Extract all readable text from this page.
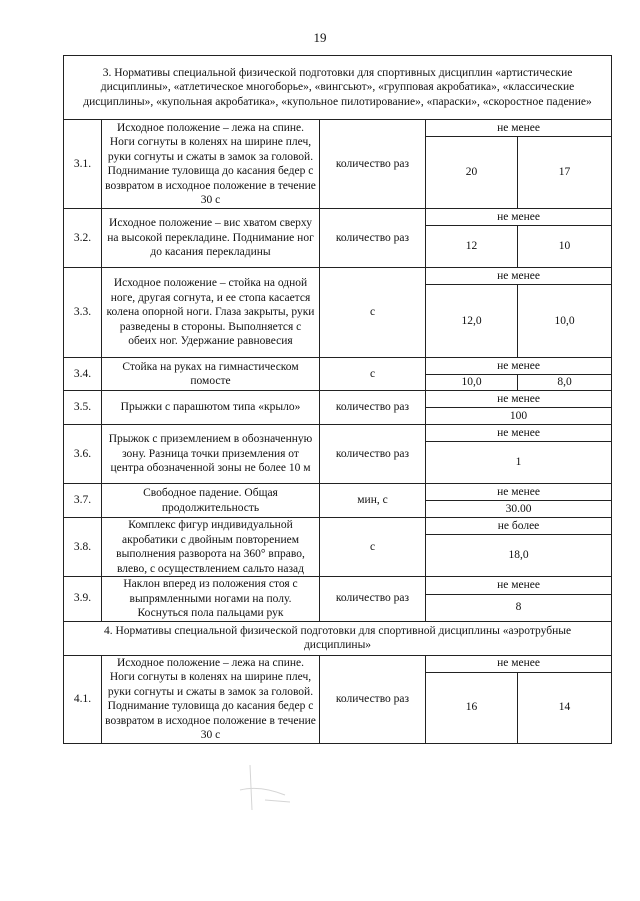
19
3. Нормативы специальной физической подготовки для спортивных дисциплин «артистические дисциплины», «атлетическое многоборье», «вингсьют», «групповая акробатика», «классические дисциплины», «купольная акробатика», «купольное пилотирование», «параски», «скоростное падение»				
3.1.	Исходное положение – лежа на спине. Ноги согнуты в коленях на ширине плеч, руки согнуты и сжаты в замок за головой. Поднимание туловища до касания бедер с возвратом в исходное положение в течение 30 с	количество раз	не менее	
			20	17
3.2.	Исходное положение – вис хватом сверху на высокой перекладине. Поднимание ног до касания перекладины	количество раз	не менее	
			12	10
3.3.	Исходное положение – стойка на одной ноге, другая согнута, и ее стопа касается колена опорной ноги. Глаза закрыты, руки разведены в стороны. Выполняется с обеих ног. Удержание равновесия	с	не менее	
			12,0	10,0
3.4.	Стойка на руках на гимнастическом помосте	с	не менее	
			10,0	8,0
3.5.	Прыжки с парашютом типа «крыло»	количество раз	не менее	
			100	
3.6.	Прыжок с приземлением в обозначенную зону. Разница точки приземления от центра обозначенной зоны не более 10 м	количество раз	не менее	
			1	
3.7.	Свободное падение. Общая продолжительность	мин, с	не менее	
			30.00	
3.8.	Комплекс фигур индивидуальной акробатики с двойным повторением выполнения разворота на 360° вправо, влево, с осуществлением сальто назад	с	не более	
			18,0	
3.9.	Наклон вперед из положения стоя с выпрямленными ногами на полу. Коснуться пола пальцами рук	количество раз	не менее	
			8	
4. Нормативы специальной физической подготовки для спортивной дисциплины «аэротрубные дисциплины»				
4.1.	Исходное положение – лежа на спине. Ноги согнуты в коленях на ширине плеч, руки согнуты и сжаты в замок за головой. Поднимание туловища до касания бедер с возвратом в исходное положение в течение 30 с	количество раз	не менее	
			16	14
